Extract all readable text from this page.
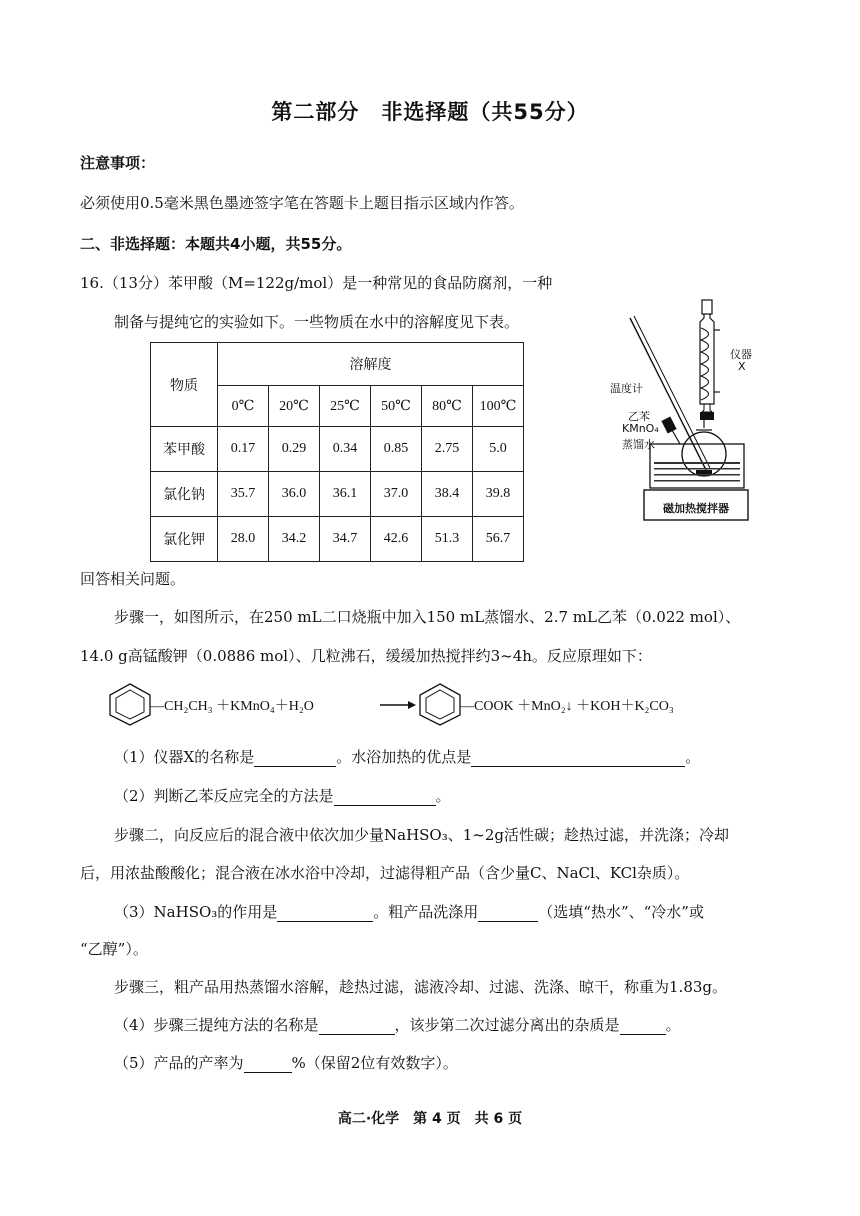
第二部分　非选择题（共55分）
注意事项：
必须使用0.5毫米黑色墨迹签字笔在答题卡上题目指示区域内作答。
二、非选择题：本题共4小题，共55分。
16.（13分）苯甲酸（M=122g/mol）是一种常见的食品防腐剂，一种
制备与提纯它的实验如下。一些物质在水中的溶解度见下表。
物质	溶解度					
	0℃	20℃	25℃	50℃	80℃	100℃
苯甲酸	0.17	0.29	0.34	0.85	2.75	5.0
氯化钠	35.7	36.0	36.1	37.0	38.4	39.8
氯化钾	28.0	34.2	34.7	42.6	51.3	56.7
仪器
X
温度计
乙苯
KMnO₄
蒸馏水
磁加热搅拌器
回答相关问题。
步骤一，如图所示，在250 mL二口烧瓶中加入150 mL蒸馏水、2.7 mL乙苯（0.022 mol）、
14.0 g高锰酸钾（0.0886 mol）、几粒沸石，缓缓加热搅拌约3~4h。反应原理如下：
—CH₂CH₃ ＋KMnO₄＋H₂O	—COOK ＋MnO₂↓ ＋KOH＋K₂CO₃
（1）仪器X的名称是	。水浴加热的优点是	。
（2）判断乙苯反应完全的方法是	。
步骤二，向反应后的混合液中依次加少量NaHSO₃、1~2g活性碳；趁热过滤，并洗涤；冷却
后，用浓盐酸酸化；混合液在冰水浴中冷却，过滤得粗产品（含少量C、NaCl、KCl杂质）。
（3）NaHSO₃的作用是	。粗产品洗涤用	（选填“热水”、“冷水”或
“乙醇”）。
步骤三，粗产品用热蒸馏水溶解，趁热过滤，滤液冷却、过滤、洗涤、晾干，称重为1.83g。
（4）步骤三提纯方法的名称是	，该步第二次过滤分离出的杂质是	。
（5）产品的产率为	%（保留2位有效数字）。
高二·化学　第 4 页　共 6 页
